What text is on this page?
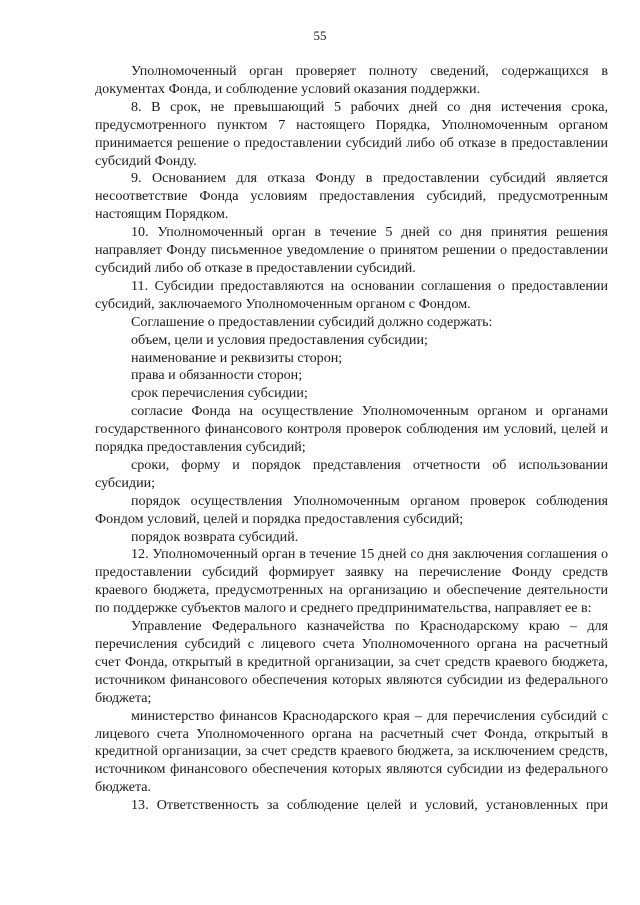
55

Уполномоченный орган проверяет полноту сведений, содержащихся в документах Фонда, и соблюдение условий оказания поддержки.

8. В срок, не превышающий 5 рабочих дней со дня истечения срока, предусмотренного пунктом 7 настоящего Порядка, Уполномоченным органом принимается решение о предоставлении субсидий либо об отказе в предоставлении субсидий Фонду.

9. Основанием для отказа Фонду в предоставлении субсидий является несоответствие Фонда условиям предоставления субсидий, предусмотренным настоящим Порядком.

10. Уполномоченный орган в течение 5 дней со дня принятия решения направляет Фонду письменное уведомление о принятом решении о предоставлении субсидий либо об отказе в предоставлении субсидий.

11. Субсидии предоставляются на основании соглашения о предоставлении субсидий, заключаемого Уполномоченным органом с Фондом.

Соглашение о предоставлении субсидий должно содержать:

объем, цели и условия предоставления субсидии;

наименование и реквизиты сторон;

права и обязанности сторон;

срок перечисления субсидии;

согласие Фонда на осуществление Уполномоченным органом и органами государственного финансового контроля проверок соблюдения им условий, целей и порядка предоставления субсидий;

сроки, форму и порядок представления отчетности об использовании субсидии;

порядок осуществления Уполномоченным органом проверок соблюдения Фондом условий, целей и порядка предоставления субсидий;

порядок возврата субсидий.

12. Уполномоченный орган в течение 15 дней со дня заключения соглашения о предоставлении субсидий формирует заявку на перечисление Фонду средств краевого бюджета, предусмотренных на организацию и обеспечение деятельности по поддержке субъектов малого и среднего предпринимательства, направляет ее в:

Управление Федерального казначейства по Краснодарскому краю – для перечисления субсидий с лицевого счета Уполномоченного органа на расчетный счет Фонда, открытый в кредитной организации, за счет средств краевого бюджета, источником финансового обеспечения которых являются субсидии из федерального бюджета;

министерство финансов Краснодарского края – для перечисления субсидий с лицевого счета Уполномоченного органа на расчетный счет Фонда, открытый в кредитной организации, за счет средств краевого бюджета, за исключением средств, источником финансового обеспечения которых являются субсидии из федерального бюджета.

13. Ответственность за соблюдение целей и условий, установленных при
